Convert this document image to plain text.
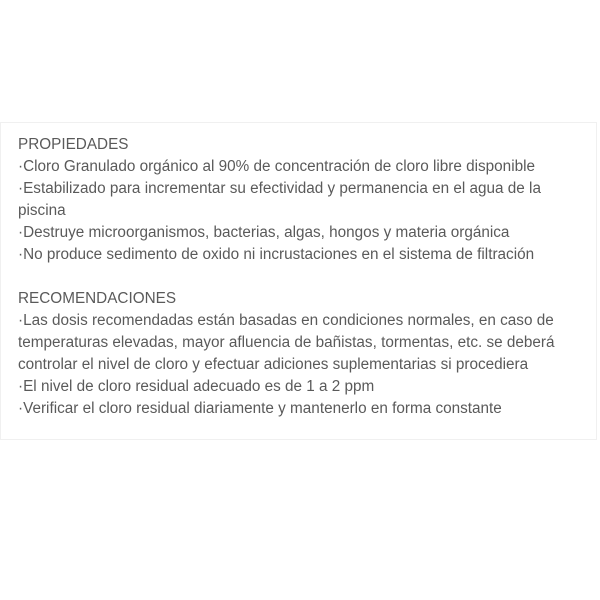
PROPIEDADES
·Cloro Granulado orgánico al 90% de concentración de cloro libre disponible
·Estabilizado para incrementar su efectividad y permanencia en el agua de la
piscina
·Destruye microorganismos, bacterias, algas, hongos y materia orgánica
·No produce sedimento de oxido ni incrustaciones en el sistema de filtración
RECOMENDACIONES
·Las dosis recomendadas están basadas en condiciones normales, en caso de
temperaturas elevadas, mayor afluencia de bañistas, tormentas, etc. se deberá
controlar el nivel de cloro y efectuar adiciones suplementarias si procediera
·El nivel de cloro residual adecuado es de 1 a 2 ppm
·Verificar el cloro residual diariamente y mantenerlo en forma constante
